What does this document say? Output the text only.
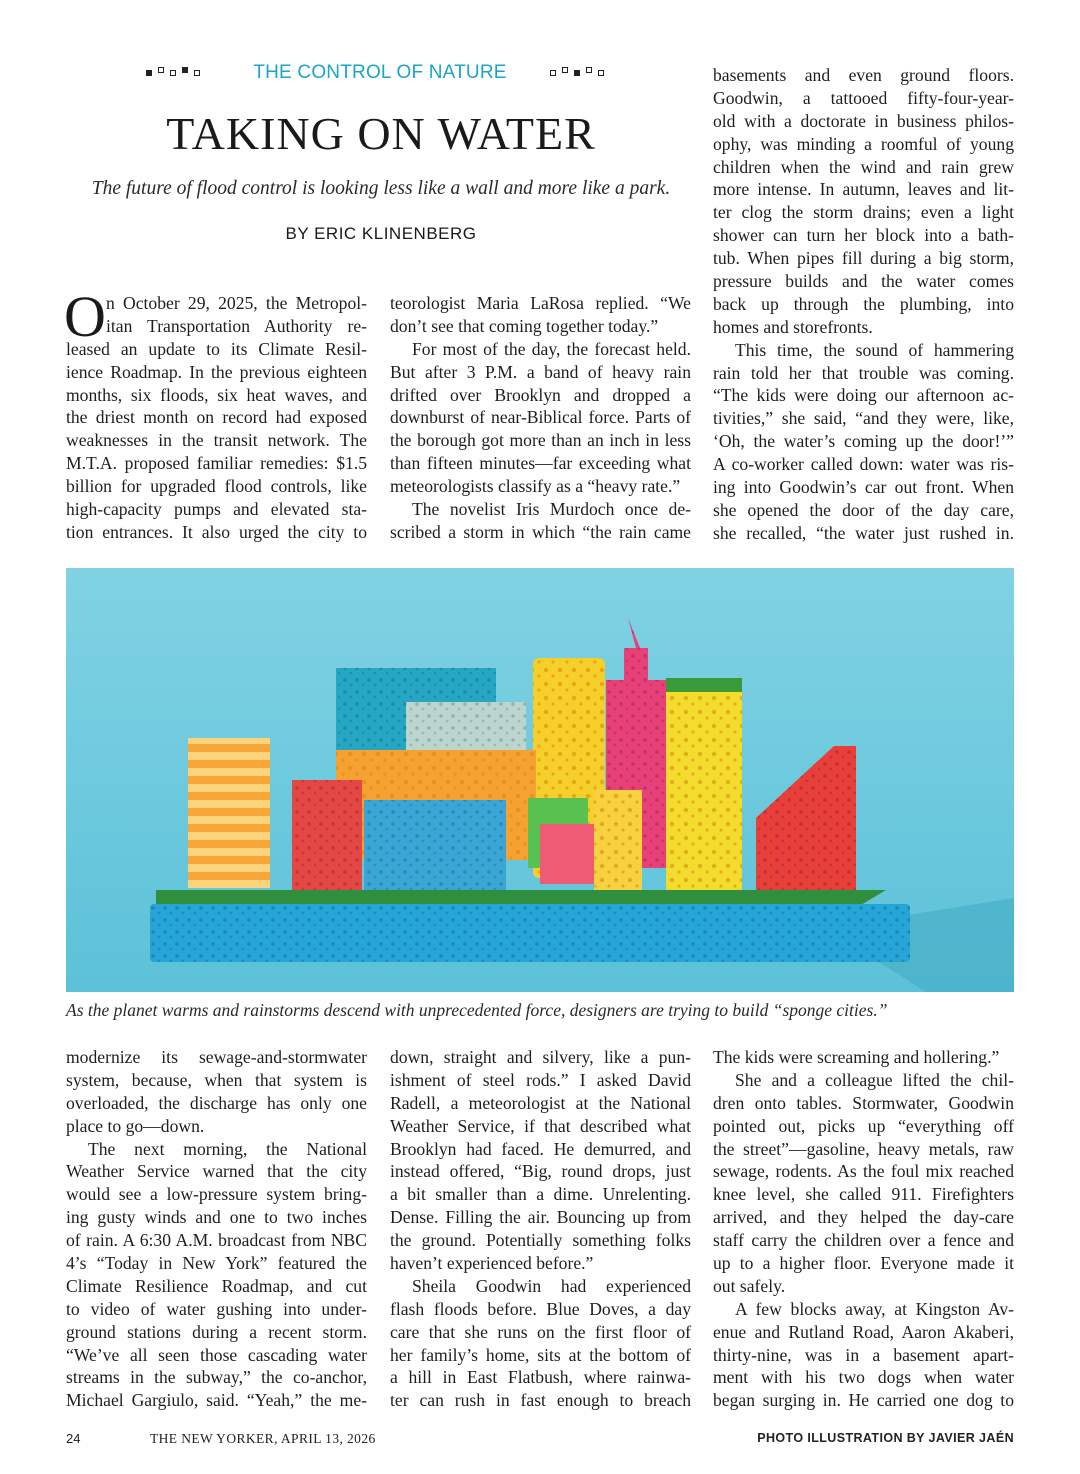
THE CONTROL OF NATURE
TAKING ON WATER
The future of flood control is looking less like a wall and more like a park.
BY ERIC KLINENBERG
O n October 29, 2025, the Metropol-
itan Transportation Authority re-
leased an update to its Climate Resil-
ience Roadmap. In the previous eighteen
months, six floods, six heat waves, and
the driest month on record had exposed
weaknesses in the transit network. The
M.T.A. proposed familiar remedies: $1.5
billion for upgraded flood controls, like
high-capacity pumps and elevated sta-
tion entrances. It also urged the city to
teorologist Maria LaRosa replied. “We
don’t see that coming together today.”
For most of the day, the forecast held.
But after 3 P.M. a band of heavy rain
drifted over Brooklyn and dropped a
downburst of near-Biblical force. Parts of
the borough got more than an inch in less
than fifteen minutes—far exceeding what
meteorologists classify as a “heavy rate.”
The novelist Iris Murdoch once de-
scribed a storm in which “the rain came
basements and even ground floors.
Goodwin, a tattooed fifty-four-year-
old with a doctorate in business philos-
ophy, was minding a roomful of young
children when the wind and rain grew
more intense. In autumn, leaves and lit-
ter clog the storm drains; even a light
shower can turn her block into a bath-
tub. When pipes fill during a big storm,
pressure builds and the water comes
back up through the plumbing, into
homes and storefronts.
This time, the sound of hammering
rain told her that trouble was coming.
“The kids were doing our afternoon ac-
tivities,” she said, “and they were, like,
‘Oh, the water’s coming up the door!’”
A co-worker called down: water was ris-
ing into Goodwin’s car out front. When
she opened the door of the day care,
she recalled, “the water just rushed in.
As the planet warms and rainstorms descend with unprecedented force, designers are trying to build “sponge cities.”
modernize its sewage-and-stormwater
system, because, when that system is
overloaded, the discharge has only one
place to go—down.
The next morning, the National
Weather Service warned that the city
would see a low-pressure system bring-
ing gusty winds and one to two inches
of rain. A 6:30 A.M. broadcast from NBC
4’s “Today in New York” featured the
Climate Resilience Roadmap, and cut
to video of water gushing into under-
ground stations during a recent storm.
“We’ve all seen those cascading water
streams in the subway,” the co-anchor,
Michael Gargiulo, said. “Yeah,” the me-
down, straight and silvery, like a pun-
ishment of steel rods.” I asked David
Radell, a meteorologist at the National
Weather Service, if that described what
Brooklyn had faced. He demurred, and
instead offered, “Big, round drops, just
a bit smaller than a dime. Unrelenting.
Dense. Filling the air. Bouncing up from
the ground. Potentially something folks
haven’t experienced before.”
Sheila Goodwin had experienced
flash floods before. Blue Doves, a day
care that she runs on the first floor of
her family’s home, sits at the bottom of
a hill in East Flatbush, where rainwa-
ter can rush in fast enough to breach
The kids were screaming and hollering.”
She and a colleague lifted the chil-
dren onto tables. Stormwater, Goodwin
pointed out, picks up “everything off
the street”—gasoline, heavy metals, raw
sewage, rodents. As the foul mix reached
knee level, she called 911. Firefighters
arrived, and they helped the day-care
staff carry the children over a fence and
up to a higher floor. Everyone made it
out safely.
A few blocks away, at Kingston Av-
enue and Rutland Road, Aaron Akaberi,
thirty-nine, was in a basement apart-
ment with his two dogs when water
began surging in. He carried one dog to
24	THE NEW YORKER, APRIL 13, 2026	PHOTO ILLUSTRATION BY JAVIER JAÉN
